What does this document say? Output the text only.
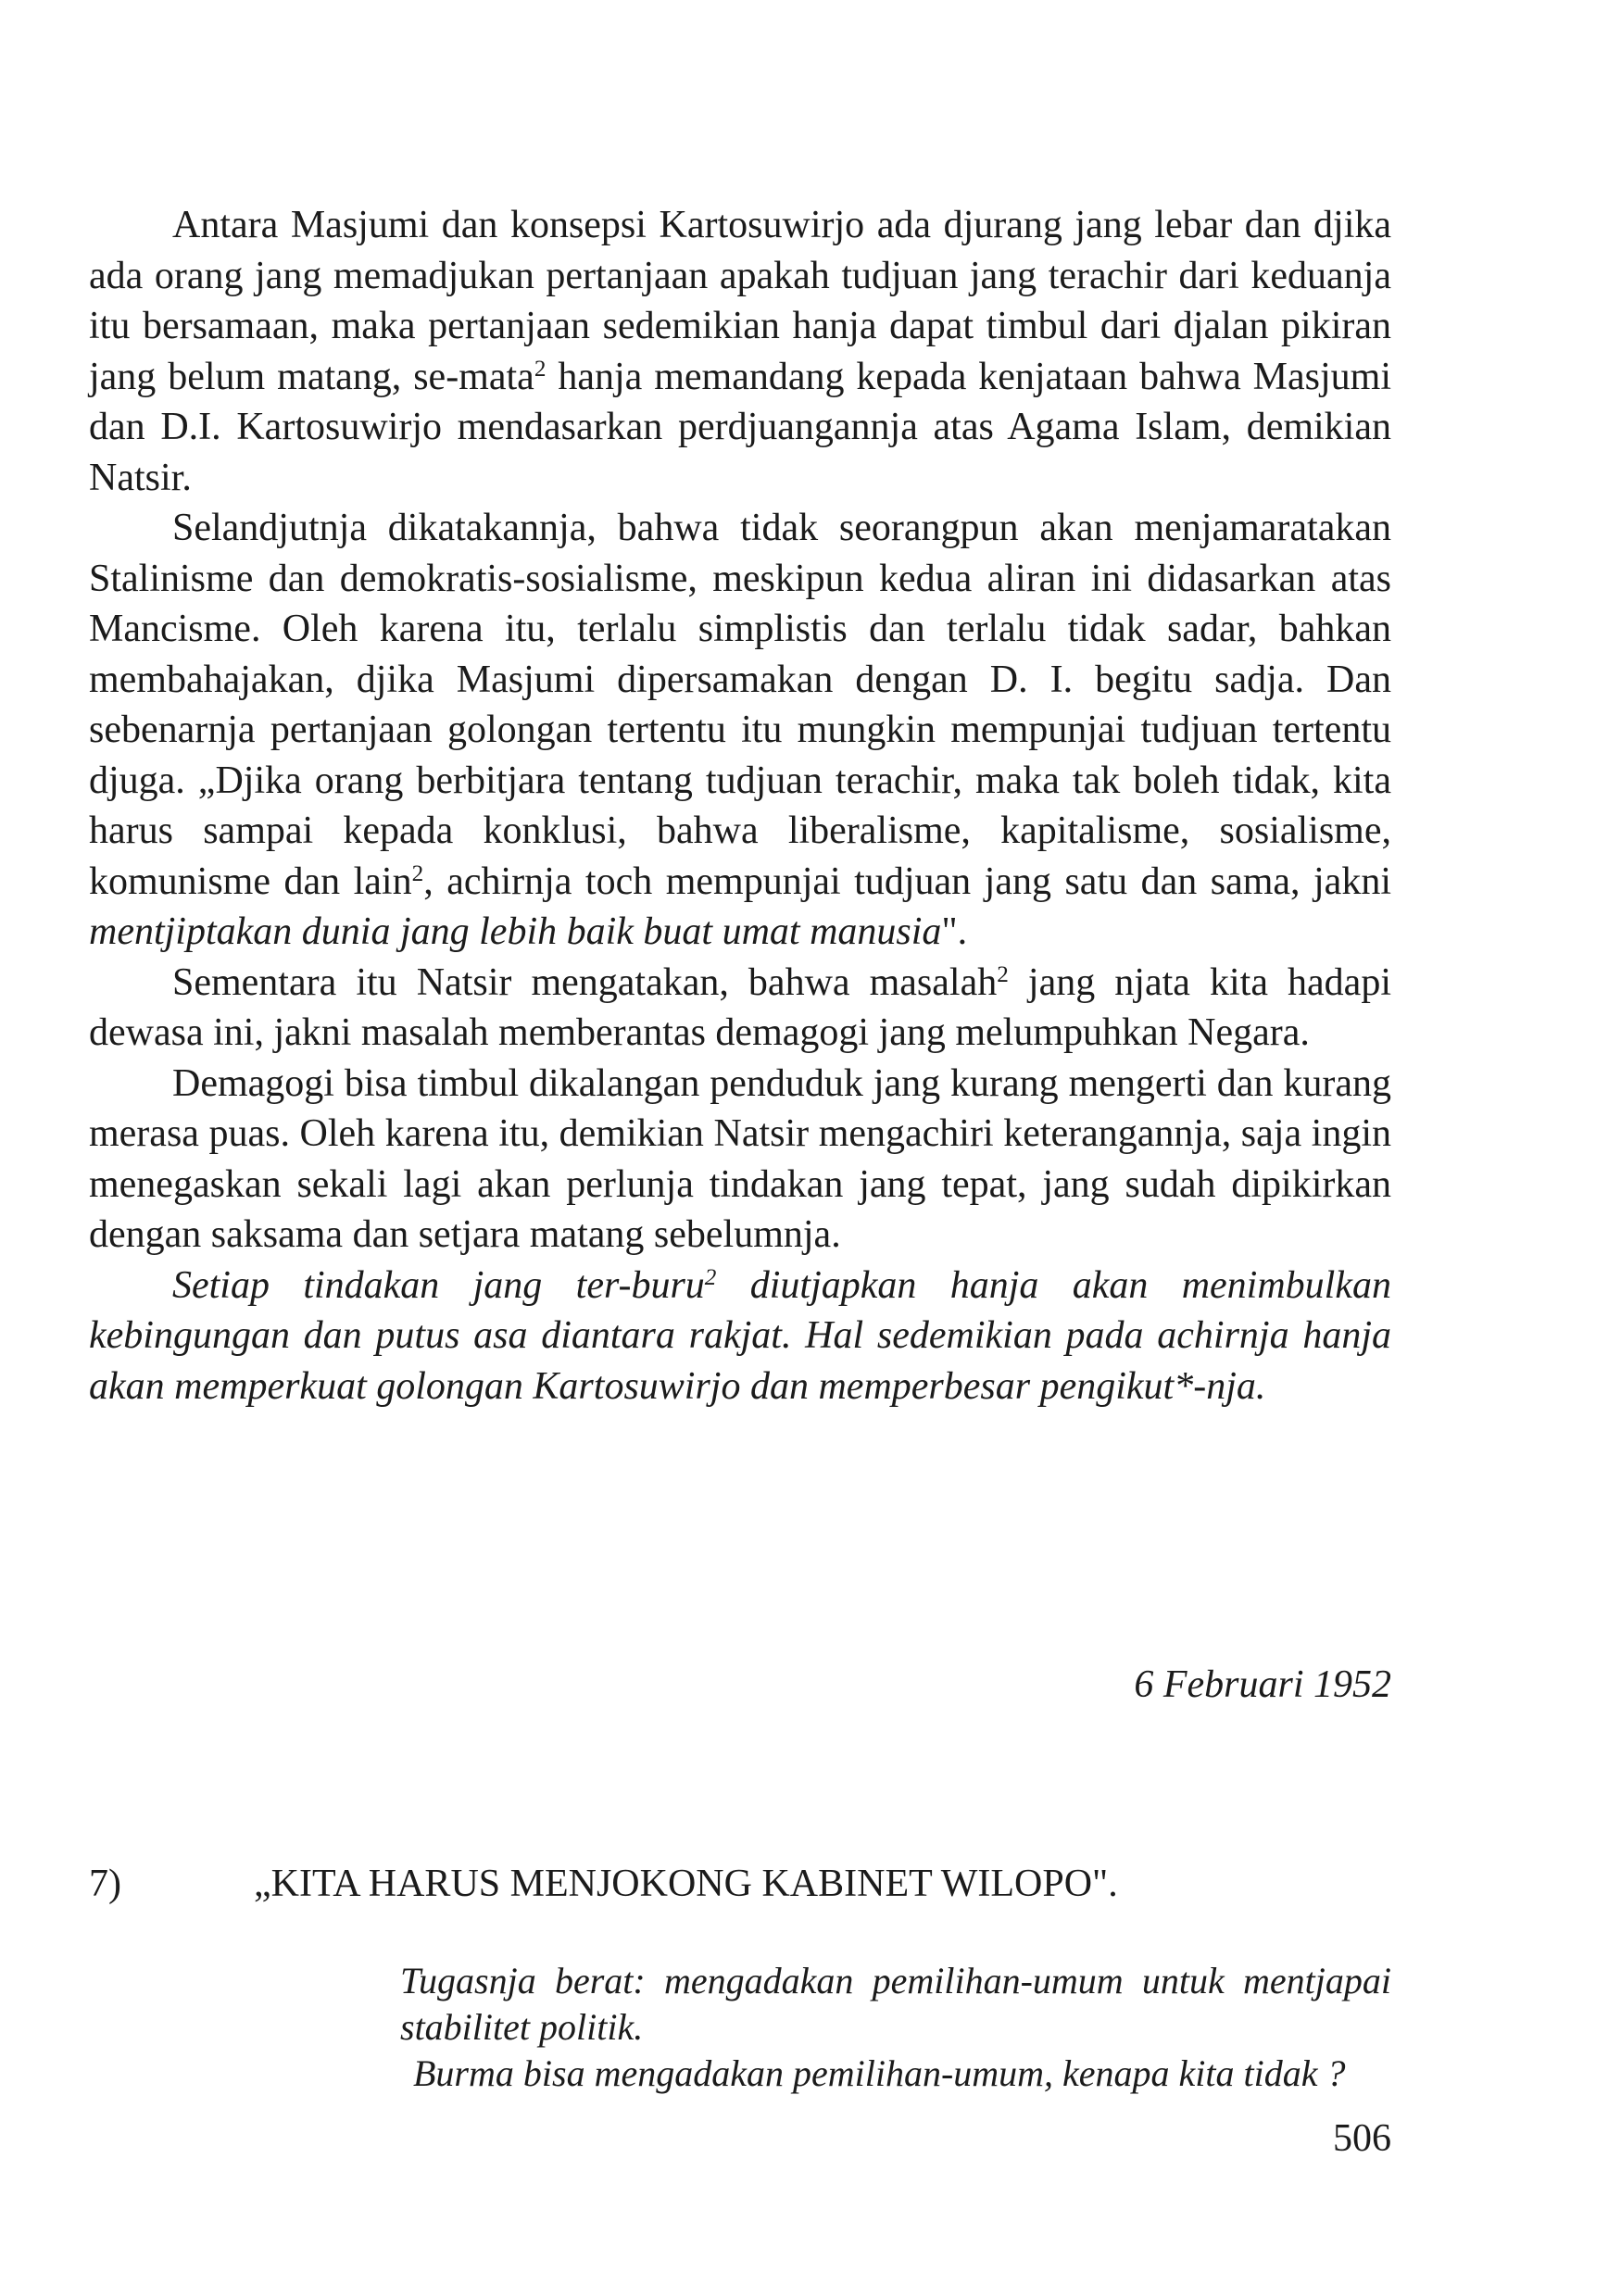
Antara Masjumi dan konsepsi Kartosuwirjo ada djurang jang lebar dan djika ada orang jang memadjukan pertanjaan apakah tudjuan jang terachir dari keduanja itu bersamaan, maka pertanjaan sedemikian hanja dapat timbul dari djalan pikiran jang belum matang, se-mata$^2$ hanja memandang kepada kenjataan bahwa Masjumi dan D.I. Kartosuwirjo mendasarkan perdjuangannja atas Agama Islam, demikian Natsir.

Selandjutnja dikatakannja, bahwa tidak seorangpun akan menjamaratakan Stalinisme dan demokratis-sosialisme, meskipun kedua aliran ini didasarkan atas Mancisme. Oleh karena itu, terlalu simplistis dan terlalu tidak sadar, bahkan membahajakan, djika Masjumi dipersamakan dengan D. I. begitu sadja. Dan sebenarnja pertanjaan golongan tertentu itu mungkin mempunjai tudjuan tertentu djuga. „Djika orang berbitjara tentang tudjuan terachir, maka tak boleh tidak, kita harus sampai kepada konklusi, bahwa liberalisme, kapitalisme, sosialisme, komunisme dan lain$^2$, achirnja toch mempunjai tudjuan jang satu dan sama, jakni mentjiptakan dunia jang lebih baik buat umat manusia".

Sementara itu Natsir mengatakan, bahwa masalah$^2$ jang njata kita hadapi dewasa ini, jakni masalah memberantas demagogi jang melumpuhkan Negara.

Demagogi bisa timbul dikalangan penduduk jang kurang mengerti dan kurang merasa puas. Oleh karena itu, demikian Natsir mengachiri keterangannja, saja ingin menegaskan sekali lagi akan perlunja tindakan jang tepat, jang sudah dipikirkan dengan saksama dan setjara matang sebelumnja.

Setiap tindakan jang ter-buru$^2$ diutjapkan hanja akan menimbulkan kebingungan dan putus asa diantara rakjat. Hal sedemikian pada achirnja hanja akan memperkuat golongan Kartosuwirjo dan memperbesar pengikut*-nja.

6 Februari 1952
7)	„KITA HARUS MENJOKONG KABINET WILOPO".

Tugasnja berat: mengadakan pemilihan-umum untuk mentjapai stabilitet politik.

Burma bisa mengadakan pemilihan-umum, kenapa kita tidak ?

506
